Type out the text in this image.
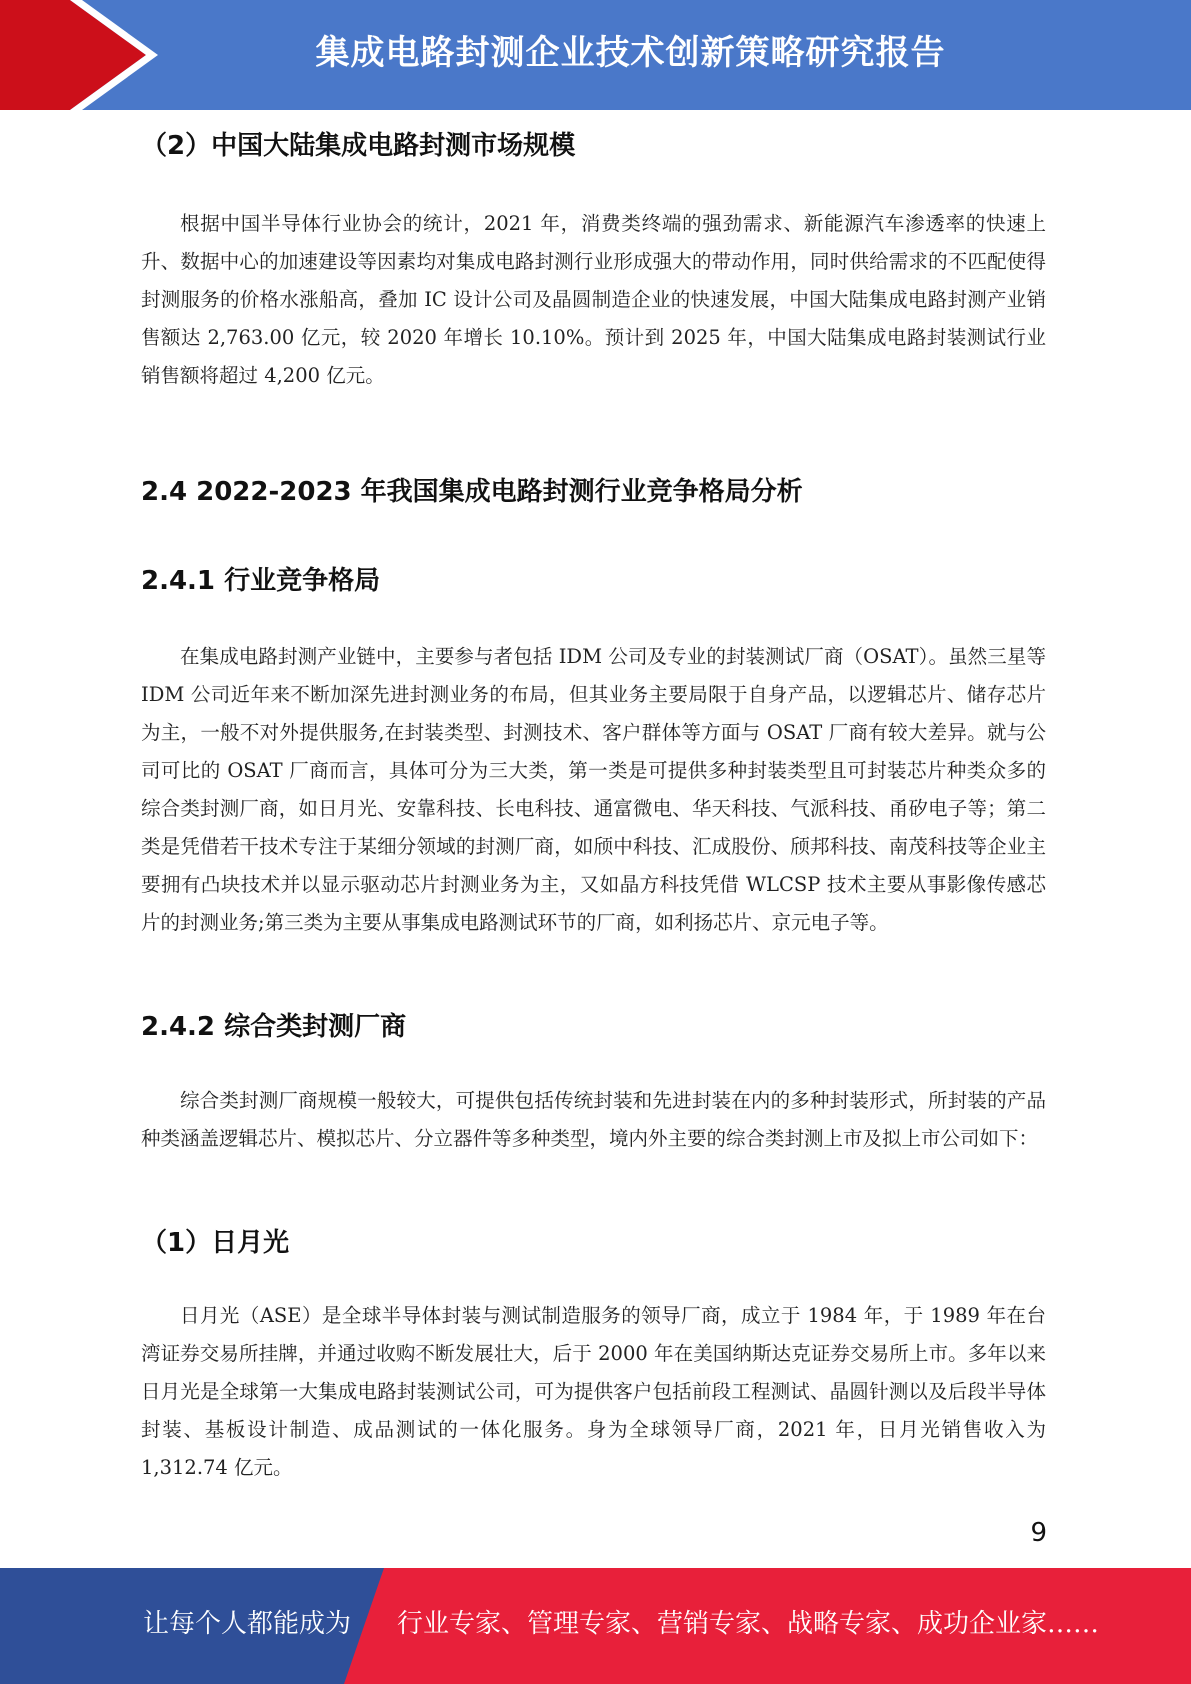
集成电路封测企业技术创新策略研究报告
（2）中国大陆集成电路封测市场规模

根据中国半导体行业协会的统计，2021 年，消费类终端的强劲需求、新能源汽车渗透率的快速上升、数据中心的加速建设等因素均对集成电路封测行业形成强大的带动作用，同时供给需求的不匹配使得封测服务的价格水涨船高，叠加 IC 设计公司及晶圆制造企业的快速发展，中国大陆集成电路封测产业销售额达 2,763.00 亿元，较 2020 年增长 10.10%。预计到 2025 年，中国大陆集成电路封装测试行业销售额将超过 4,200 亿元。

2.4 2022-2023 年我国集成电路封测行业竞争格局分析
2.4.1 行业竞争格局

在集成电路封测产业链中，主要参与者包括 IDM 公司及专业的封装测试厂商（OSAT）。虽然三星等 IDM 公司近年来不断加深先进封测业务的布局，但其业务主要局限于自身产品，以逻辑芯片、储存芯片为主，一般不对外提供服务,在封装类型、封测技术、客户群体等方面与 OSAT 厂商有较大差异。就与公司可比的 OSAT 厂商而言，具体可分为三大类，第一类是可提供多种封装类型且可封装芯片种类众多的综合类封测厂商，如日月光、安靠科技、长电科技、通富微电、华天科技、气派科技、甬矽电子等；第二类是凭借若干技术专注于某细分领域的封测厂商，如颀中科技、汇成股份、颀邦科技、南茂科技等企业主要拥有凸块技术并以显示驱动芯片封测业务为主，又如晶方科技凭借 WLCSP 技术主要从事影像传感芯片的封测业务;第三类为主要从事集成电路测试环节的厂商，如利扬芯片、京元电子等。

2.4.2 综合类封测厂商

综合类封测厂商规模一般较大，可提供包括传统封装和先进封装在内的多种封装形式，所封装的产品种类涵盖逻辑芯片、模拟芯片、分立器件等多种类型，境内外主要的综合类封测上市及拟上市公司如下：

（1）日月光

日月光（ASE）是全球半导体封装与测试制造服务的领导厂商，成立于 1984 年，于 1989 年在台湾证券交易所挂牌，并通过收购不断发展壮大，后于 2000 年在美国纳斯达克证券交易所上市。多年以来日月光是全球第一大集成电路封装测试公司，可为提供客户包括前段工程测试、晶圆针测以及后段半导体封装、基板设计制造、成品测试的一体化服务。身为全球领导厂商，2021 年，日月光销售收入为 1,312.74 亿元。

9
让每个人都能成为 行业专家、管理专家、营销专家、战略专家、成功企业家……
